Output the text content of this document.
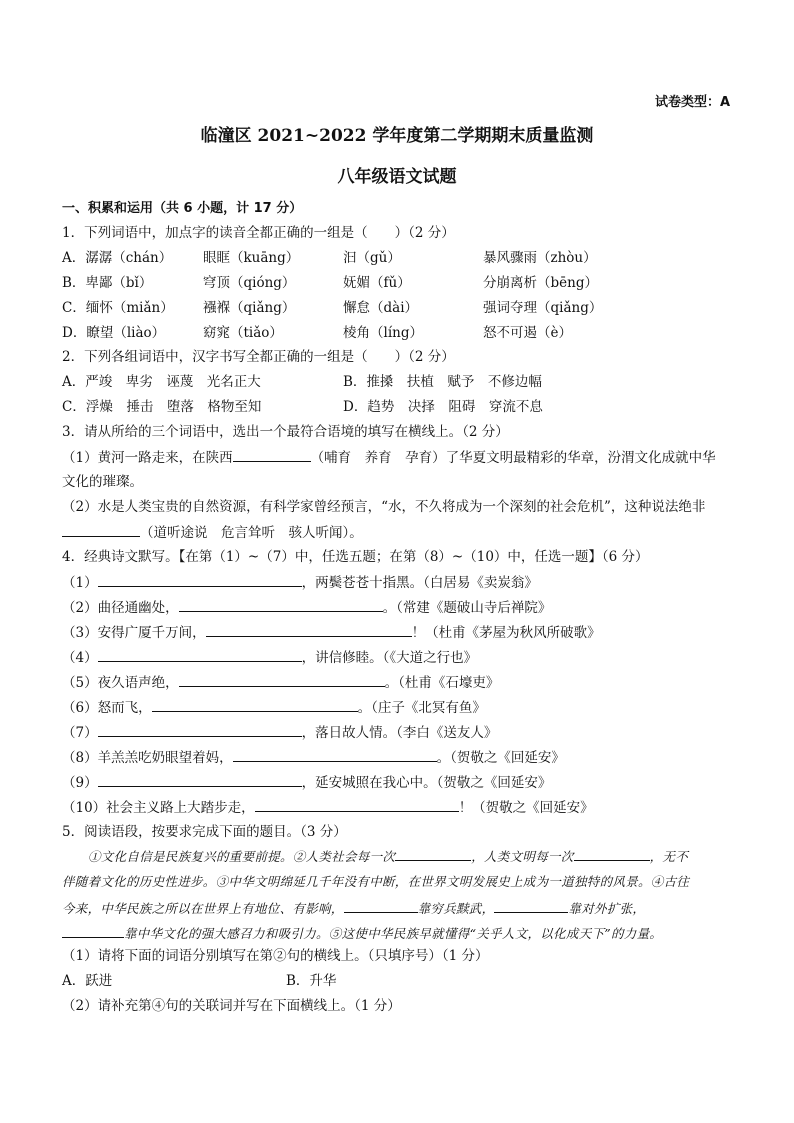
试卷类型：A
临潼区 2021~2022 学年度第二学期期末质量监测
八年级语文试题
一、积累和运用（共 6 小题，计 17 分）
1．下列词语中，加点字的读音全都正确的一组是（　　）（2 分）
A．潺潺（chán） 眼眶（kuāng）	汩（gǔ）	暴风骤雨（zhòu）
B．卑鄙（bǐ）	穹顶（qióng）	妩媚（fǔ）	分崩离析（bēng）
C．缅怀（miǎn） 襁褓（qiǎng）	懈怠（dài）	强词夺理（qiǎng）
D．瞭望（liào）	窈窕（tiǎo）	棱角（líng）	怒不可遏（è）
2．下列各组词语中，汉字书写全都正确的一组是（　　）（2 分）
A．严竣　卑劣　诬蔑　光名正大	B．推搡　扶植　赋予　不修边幅
C．浮燥　捶击　堕落　格物至知	D．趋势　决择　阻碍　穿流不息
3．请从所给的三个词语中，选出一个最符合语境的填写在横线上。（2 分）
（1）黄河一路走来，在陕西	（哺育　养育　孕育）了华夏文明最精彩的华章，汾渭文化成就中华
文化的璀璨。
（2）水是人类宝贵的自然资源，有科学家曾经预言，“水，不久将成为一个深刻的社会危机”，这种说法绝非
（道听途说　危言耸听　骇人听闻）。
4．经典诗文默写。【在第（1）~（7）中，任选五题；在第（8）~（10）中，任选一题】（6 分）
（1）	，两鬓苍苍十指黑。（白居易《卖炭翁》
（2）曲径通幽处，	。（常建《题破山寺后禅院》
（3）安得广厦千万间，	！（杜甫《茅屋为秋风所破歌》
（4）	，讲信修睦。（《大道之行也》
（5）夜久语声绝，	。（杜甫《石壕吏》
（6）怒而飞，	。（庄子《北冥有鱼》
（7）	，落日故人情。（李白《送友人》
（8）羊羔羔吃奶眼望着妈，	。（贺敬之《回延安》
（9）	，延安城照在我心中。（贺敬之《回延安》
（10）社会主义路上大踏步走，	！（贺敬之《回延安》
5．阅读语段，按要求完成下面的题目。（3 分）
①文化自信是民族复兴的重要前提。②人类社会每一次	，人类文明每一次	，无不
伴随着文化的历史性进步。③中华文明绵延几千年没有中断，在世界文明发展史上成为一道独特的风景。④古往
今来，中华民族之所以在世界上有地位、有影响，	靠穷兵黩武，	靠对外扩张，
靠中华文化的强大感召力和吸引力。⑤这使中华民族早就懂得“关乎人文，以化成天下”的力量。
（1）请将下面的词语分别填写在第②句的横线上。（只填序号）（1 分）
A．跃进	B．升华
（2）请补充第④句的关联词并写在下面横线上。（1 分）
